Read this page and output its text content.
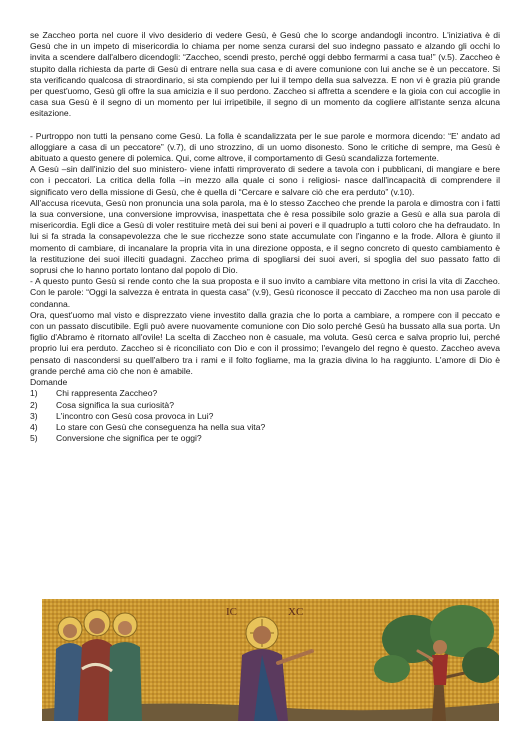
se Zaccheo porta nel cuore il vivo desiderio di vedere Gesù, è Gesù che lo scorge andandogli incontro. L'iniziativa è di Gesù che in un impeto di misericordia lo chiama per nome senza curarsi del suo indegno passato e alzando gli occhi lo invita a scendere dall'albero dicendogli: “Zaccheo, scendi presto, perché oggi debbo fermarmi a casa tua!” (v.5). Zaccheo è stupito dalla richiesta da parte di Gesù di entrare nella sua casa e di avere comunione con lui anche se è un peccatore. Si sta verificando qualcosa di straordinario, si sta compiendo per lui il tempo della sua salvezza. E non vi è grazia più grande per quest'uomo, Gesù gli offre la sua amicizia e il suo perdono. Zaccheo si affretta a scendere e la gioia con cui accoglie in casa sua Gesù è il segno di un momento per lui irripetibile, il segno di un momento da cogliere all'istante senza alcuna esitazione.

- Purtroppo non tutti la pensano come Gesù. La folla è scandalizzata per le sue parole e mormora dicendo: “E' andato ad alloggiare a casa di un peccatore” (v.7), di uno strozzino, di un uomo disonesto. Sono le critiche di sempre, ma Gesù è abituato a questo genere di polemica. Qui, come altrove, il comportamento di Gesù scandalizza fortemente.

A Gesù –sin dall'inizio del suo ministero- viene infatti rimproverato di sedere a tavola con i pubblicani, di mangiare e bere con i peccatori. La critica della folla –in mezzo alla quale ci sono i religiosi- nasce dall'incapacità di comprendere il significato vero della missione di Gesù, che è quella di “Cercare e salvare ciò che era perduto” (v.10).

All'accusa ricevuta, Gesù non pronuncia una sola parola, ma è lo stesso Zaccheo che prende la parola e dimostra con i fatti la sua conversione, una conversione improvvisa, inaspettata che è resa possibile solo grazie a Gesù e alla sua parola di misericordia. Egli dice a Gesù di voler restituire metà dei sui beni ai poveri e il quadruplo a tutti coloro che ha defraudato. In lui si fa strada la consapevolezza che le sue ricchezze sono state accumulate con l'inganno e la frode. Allora è giunto il momento di cambiare, di incanalare la propria vita in una direzione opposta, e il segno concreto di questo cambiamento è la restituzione dei suoi illeciti guadagni. Zaccheo prima di spogliarsi dei suoi averi, si spoglia del suo passato fatto di soprusi che lo hanno portato lontano dal popolo di Dio.

- A questo punto Gesù si rende conto che la sua proposta e il suo invito a cambiare vita mettono in crisi la vita di Zaccheo. Con le parole: “Oggi la salvezza è entrata in questa casa” (v.9), Gesù riconosce il peccato di Zaccheo ma non usa parole di condanna.

Ora, quest'uomo mal visto e disprezzato viene investito dalla grazia che lo porta a cambiare, a rompere con il peccato e con un passato discutibile. Egli può avere nuovamente comunione con Dio solo perché Gesù ha bussato alla sua porta. Un figlio d'Abramo è ritornato all'ovile! La scelta di Zaccheo non è casuale, ma voluta. Gesù cerca e salva proprio lui, perché proprio lui era perduto. Zaccheo si è riconciliato con Dio e con il prossimo; l'evangelo del regno è questo. Zaccheo aveva pensato di nascondersi su quell'albero tra i rami e il folto fogliame, ma la grazia divina lo ha raggiunto. L'amore di Dio è grande perché ama ciò che non è amabile.

Domande

1)	Chi rappresenta Zaccheo?
2)	Cosa significa la sua curiosità?
3)	L'incontro con Gesù cosa provoca in Lui?
4)	Lo stare con Gesù che conseguenza ha nella sua vita?
5)	Conversione che significa per te oggi?
IC	XC
